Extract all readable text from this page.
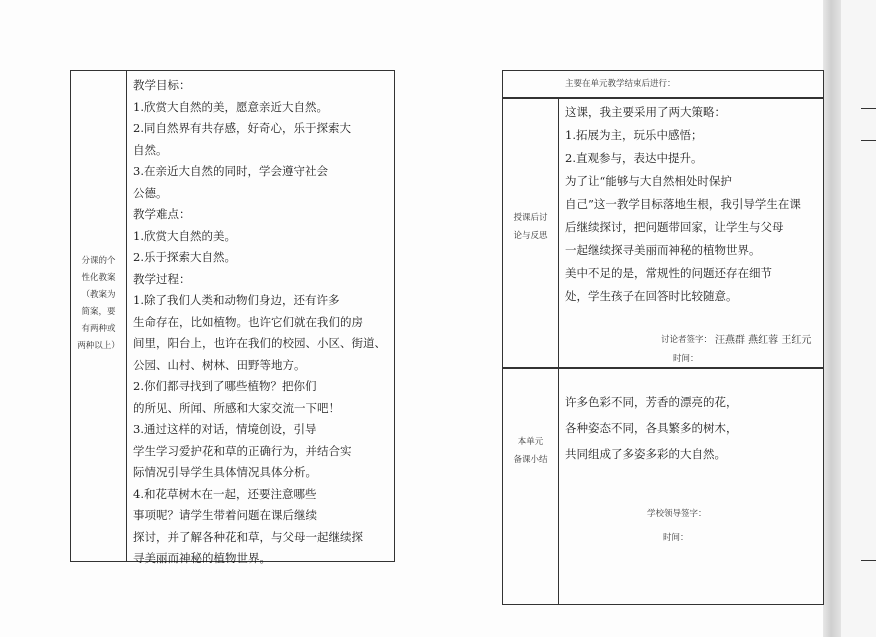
分课的个
性化教案
（教案为
简案，要
有两种或
两种以上）
教学目标：
1.欣赏大自然的美，愿意亲近大自然。
2.同自然界有共存感，好奇心，乐于探索大
自然。
3.在亲近大自然的同时，学会遵守社会
公德。
教学难点：
1.欣赏大自然的美。
2.乐于探索大自然。
教学过程：
1.除了我们人类和动物们身边，还有许多
生命存在，比如植物。也许它们就在我们的房
间里，阳台上，也许在我们的校园、小区、街道、
公园、山村、树林、田野等地方。
2.你们都寻找到了哪些植物？把你们
的所见、所闻、所感和大家交流一下吧！
3.通过这样的对话，情境创设，引导
学生学习爱护花和草的正确行为，并结合实
际情况引导学生具体情况具体分析。
4.和花草树木在一起，还要注意哪些
事项呢？请学生带着问题在课后继续
探讨，并了解各种花和草，与父母一起继续探
寻美丽而神秘的植物世界。
授课后讨
论与反思
本单元
备课小结
主要在单元教学结束后进行：
这课，我主要采用了两大策略：
1.拓展为主，玩乐中感悟；
2.直观参与，表达中提升。
为了让“能够与大自然相处时保护
自己”这一教学目标落地生根，我引导学生在课
后继续探讨，把问题带回家，让学生与父母
一起继续探寻美丽而神秘的植物世界。
美中不足的是，常规性的问题还存在细节
处，学生孩子在回答时比较随意。
讨论者签字： 汪燕群 燕红蓉 王红元
时间：
许多色彩不同，芳香的漂亮的花，
各种姿态不同，各具繁多的树木，
共同组成了多姿多彩的大自然。
学校领导签字：
时间：
